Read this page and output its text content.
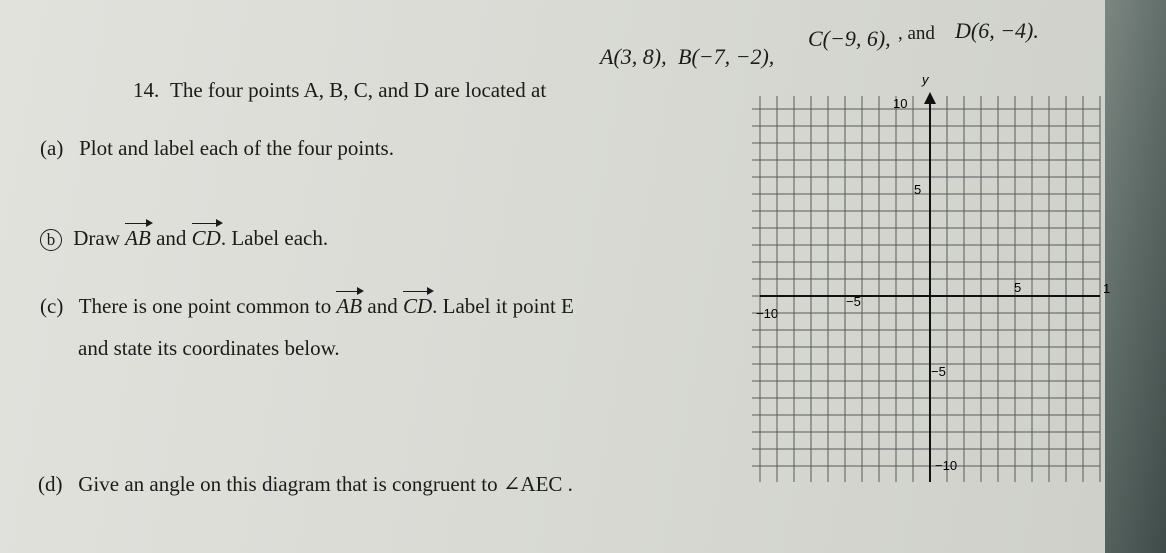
14. The four points A, B, C, and D are located at
A(3, 8), B(−7, −2),
C(−9, 6), , and D(6, −4).
(a) Plot and label each of the four points.
b Draw AB and CD. Label each.
(c) There is one point common to AB and CD. Label it point E
and state its coordinates below.
(d) Give an angle on this diagram that is congruent to ∠AEC .
y
1
10
5
−10
−5
5
−5
−10
